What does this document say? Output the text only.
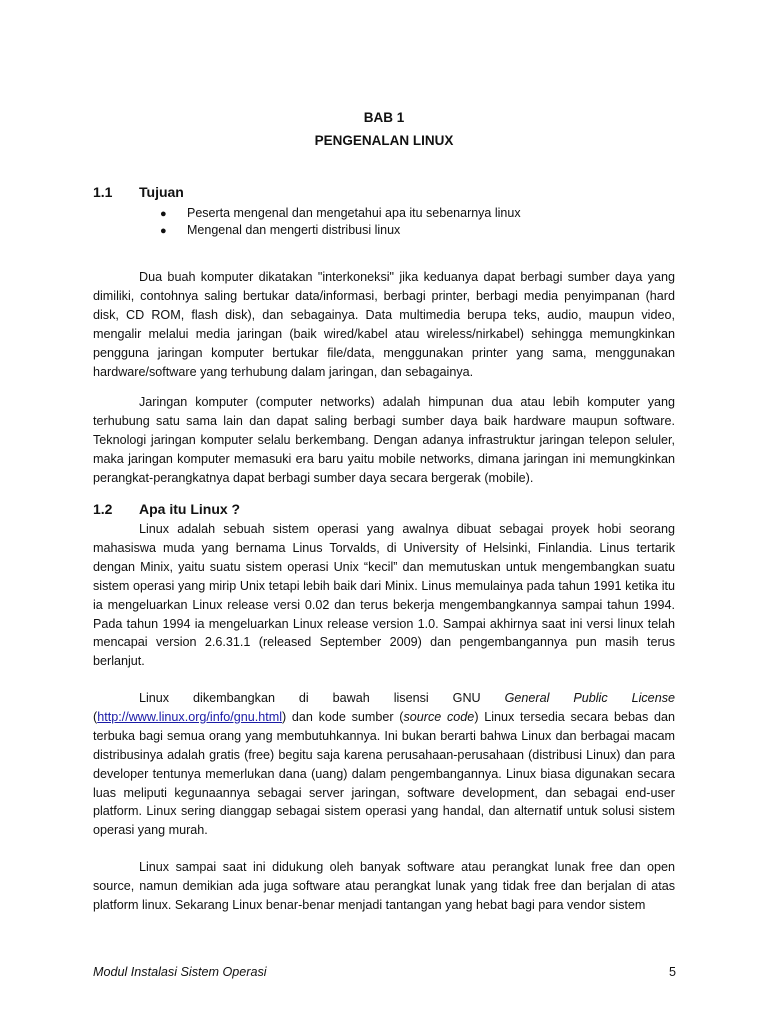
BAB 1
PENGENALAN LINUX
1.1 Tujuan
● Peserta mengenal dan mengetahui apa itu sebenarnya linux
● Mengenal dan mengerti distribusi linux

Dua buah komputer dikatakan "interkoneksi" jika keduanya dapat berbagi sumber daya yang dimiliki, contohnya saling bertukar data/informasi, berbagi printer, berbagi media penyimpanan (hard disk, CD ROM, flash disk), dan sebagainya. Data multimedia berupa teks, audio, maupun video, mengalir melalui media jaringan (baik wired/kabel atau wireless/nirkabel) sehingga memungkinkan pengguna jaringan komputer bertukar file/data, menggunakan printer yang sama, menggunakan hardware/software yang terhubung dalam jaringan, dan sebagainya.

Jaringan komputer (computer networks) adalah himpunan dua atau lebih komputer yang terhubung satu sama lain dan dapat saling berbagi sumber daya baik hardware maupun software. Teknologi jaringan komputer selalu berkembang. Dengan adanya infrastruktur jaringan telepon seluler, maka jaringan komputer memasuki era baru yaitu mobile networks, dimana jaringan ini memungkinkan perangkat-perangkatnya dapat berbagi sumber daya secara bergerak (mobile).

1.2 Apa itu Linux ?

Linux adalah sebuah sistem operasi yang awalnya dibuat sebagai proyek hobi seorang mahasiswa muda yang bernama Linus Torvalds, di University of Helsinki, Finlandia. Linus tertarik dengan Minix, yaitu suatu sistem operasi Unix “kecil” dan memutuskan untuk mengembangkan suatu sistem operasi yang mirip Unix tetapi lebih baik dari Minix. Linus memulainya pada tahun 1991 ketika itu ia mengeluarkan Linux release versi 0.02 dan terus bekerja mengembangkannya sampai tahun 1994. Pada tahun 1994 ia mengeluarkan Linux release version 1.0. Sampai akhirnya saat ini versi linux telah mencapai version 2.6.31.1 (released September 2009) dan pengembangannya pun masih terus berlanjut.

Linux dikembangkan di bawah lisensi GNU General Public License (http://www.linux.org/info/gnu.html) dan kode sumber (source code) Linux tersedia secara bebas dan terbuka bagi semua orang yang membutuhkannya. Ini bukan berarti bahwa Linux dan berbagai macam distribusinya adalah gratis (free) begitu saja karena perusahaan-perusahaan (distribusi Linux) dan para developer tentunya memerlukan dana (uang) dalam pengembangannya. Linux biasa digunakan secara luas meliputi kegunaannya sebagai server jaringan, software development, dan sebagai end-user platform. Linux sering dianggap sebagai sistem operasi yang handal, dan alternatif untuk solusi sistem operasi yang murah.

Linux sampai saat ini didukung oleh banyak software atau perangkat lunak free dan open source, namun demikian ada juga software atau perangkat lunak yang tidak free dan berjalan di atas platform linux. Sekarang Linux benar-benar menjadi tantangan yang hebat bagi para vendor sistem

Modul Instalasi Sistem Operasi	5
